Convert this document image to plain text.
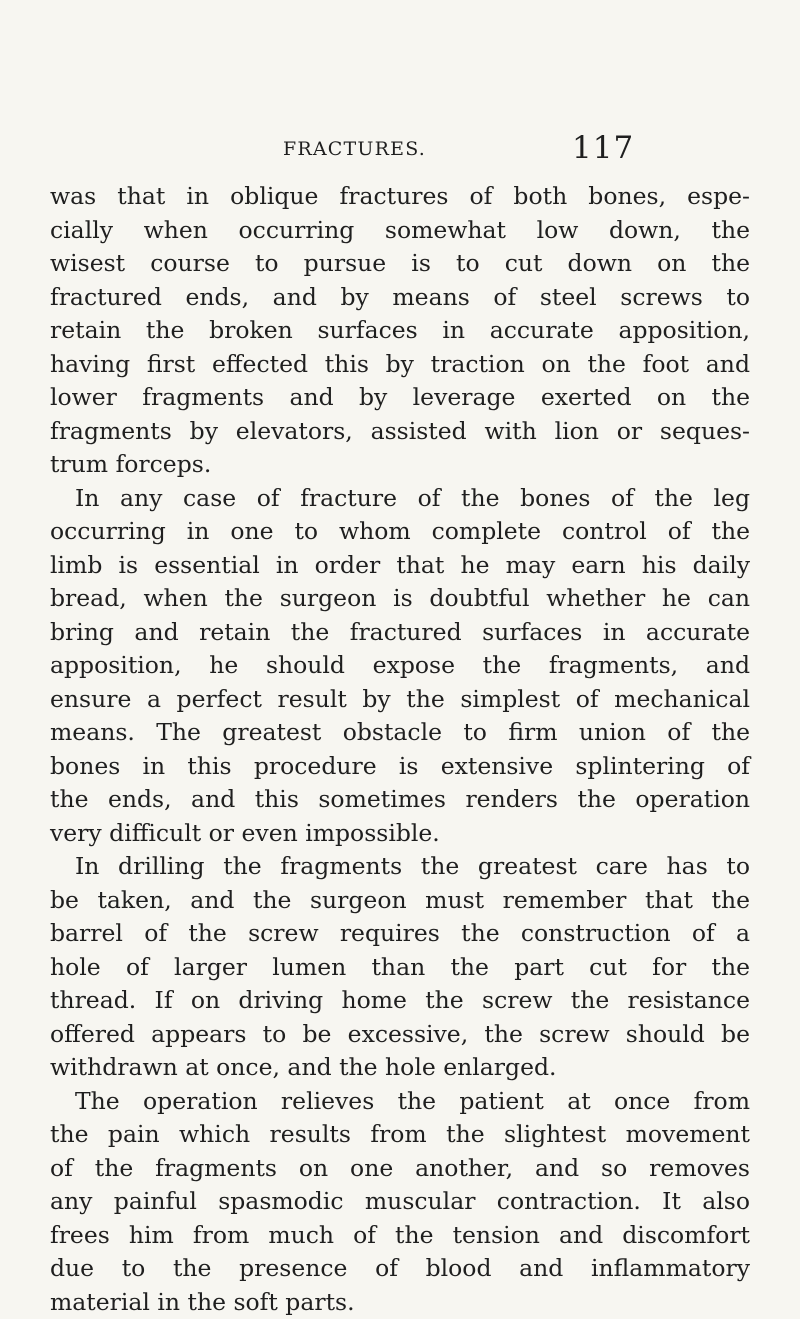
FRACTURES.	117
was that in oblique fractures of both bones, espe-
cially when occurring somewhat low down, the
wisest course to pursue is to cut down on the
fractured ends, and by means of steel screws to
retain the broken surfaces in accurate apposition,
having first effected this by traction on the foot and
lower fragments and by leverage exerted on the
fragments by elevators, assisted with lion or seques-
trum forceps.
In any case of fracture of the bones of the leg
occurring in one to whom complete control of the
limb is essential in order that he may earn his daily
bread, when the surgeon is doubtful whether he can
bring and retain the fractured surfaces in accurate
apposition, he should expose the fragments, and
ensure a perfect result by the simplest of mechanical
means. The greatest obstacle to firm union of the
bones in this procedure is extensive splintering of
the ends, and this sometimes renders the operation
very difficult or even impossible.
In drilling the fragments the greatest care has to
be taken, and the surgeon must remember that the
barrel of the screw requires the construction of a
hole of larger lumen than the part cut for the
thread. If on driving home the screw the resistance
offered appears to be excessive, the screw should be
withdrawn at once, and the hole enlarged.
The operation relieves the patient at once from
the pain which results from the slightest movement
of the fragments on one another, and so removes
any painful spasmodic muscular contraction. It also
frees him from much of the tension and discomfort
due to the presence of blood and inflammatory
material in the soft parts.
